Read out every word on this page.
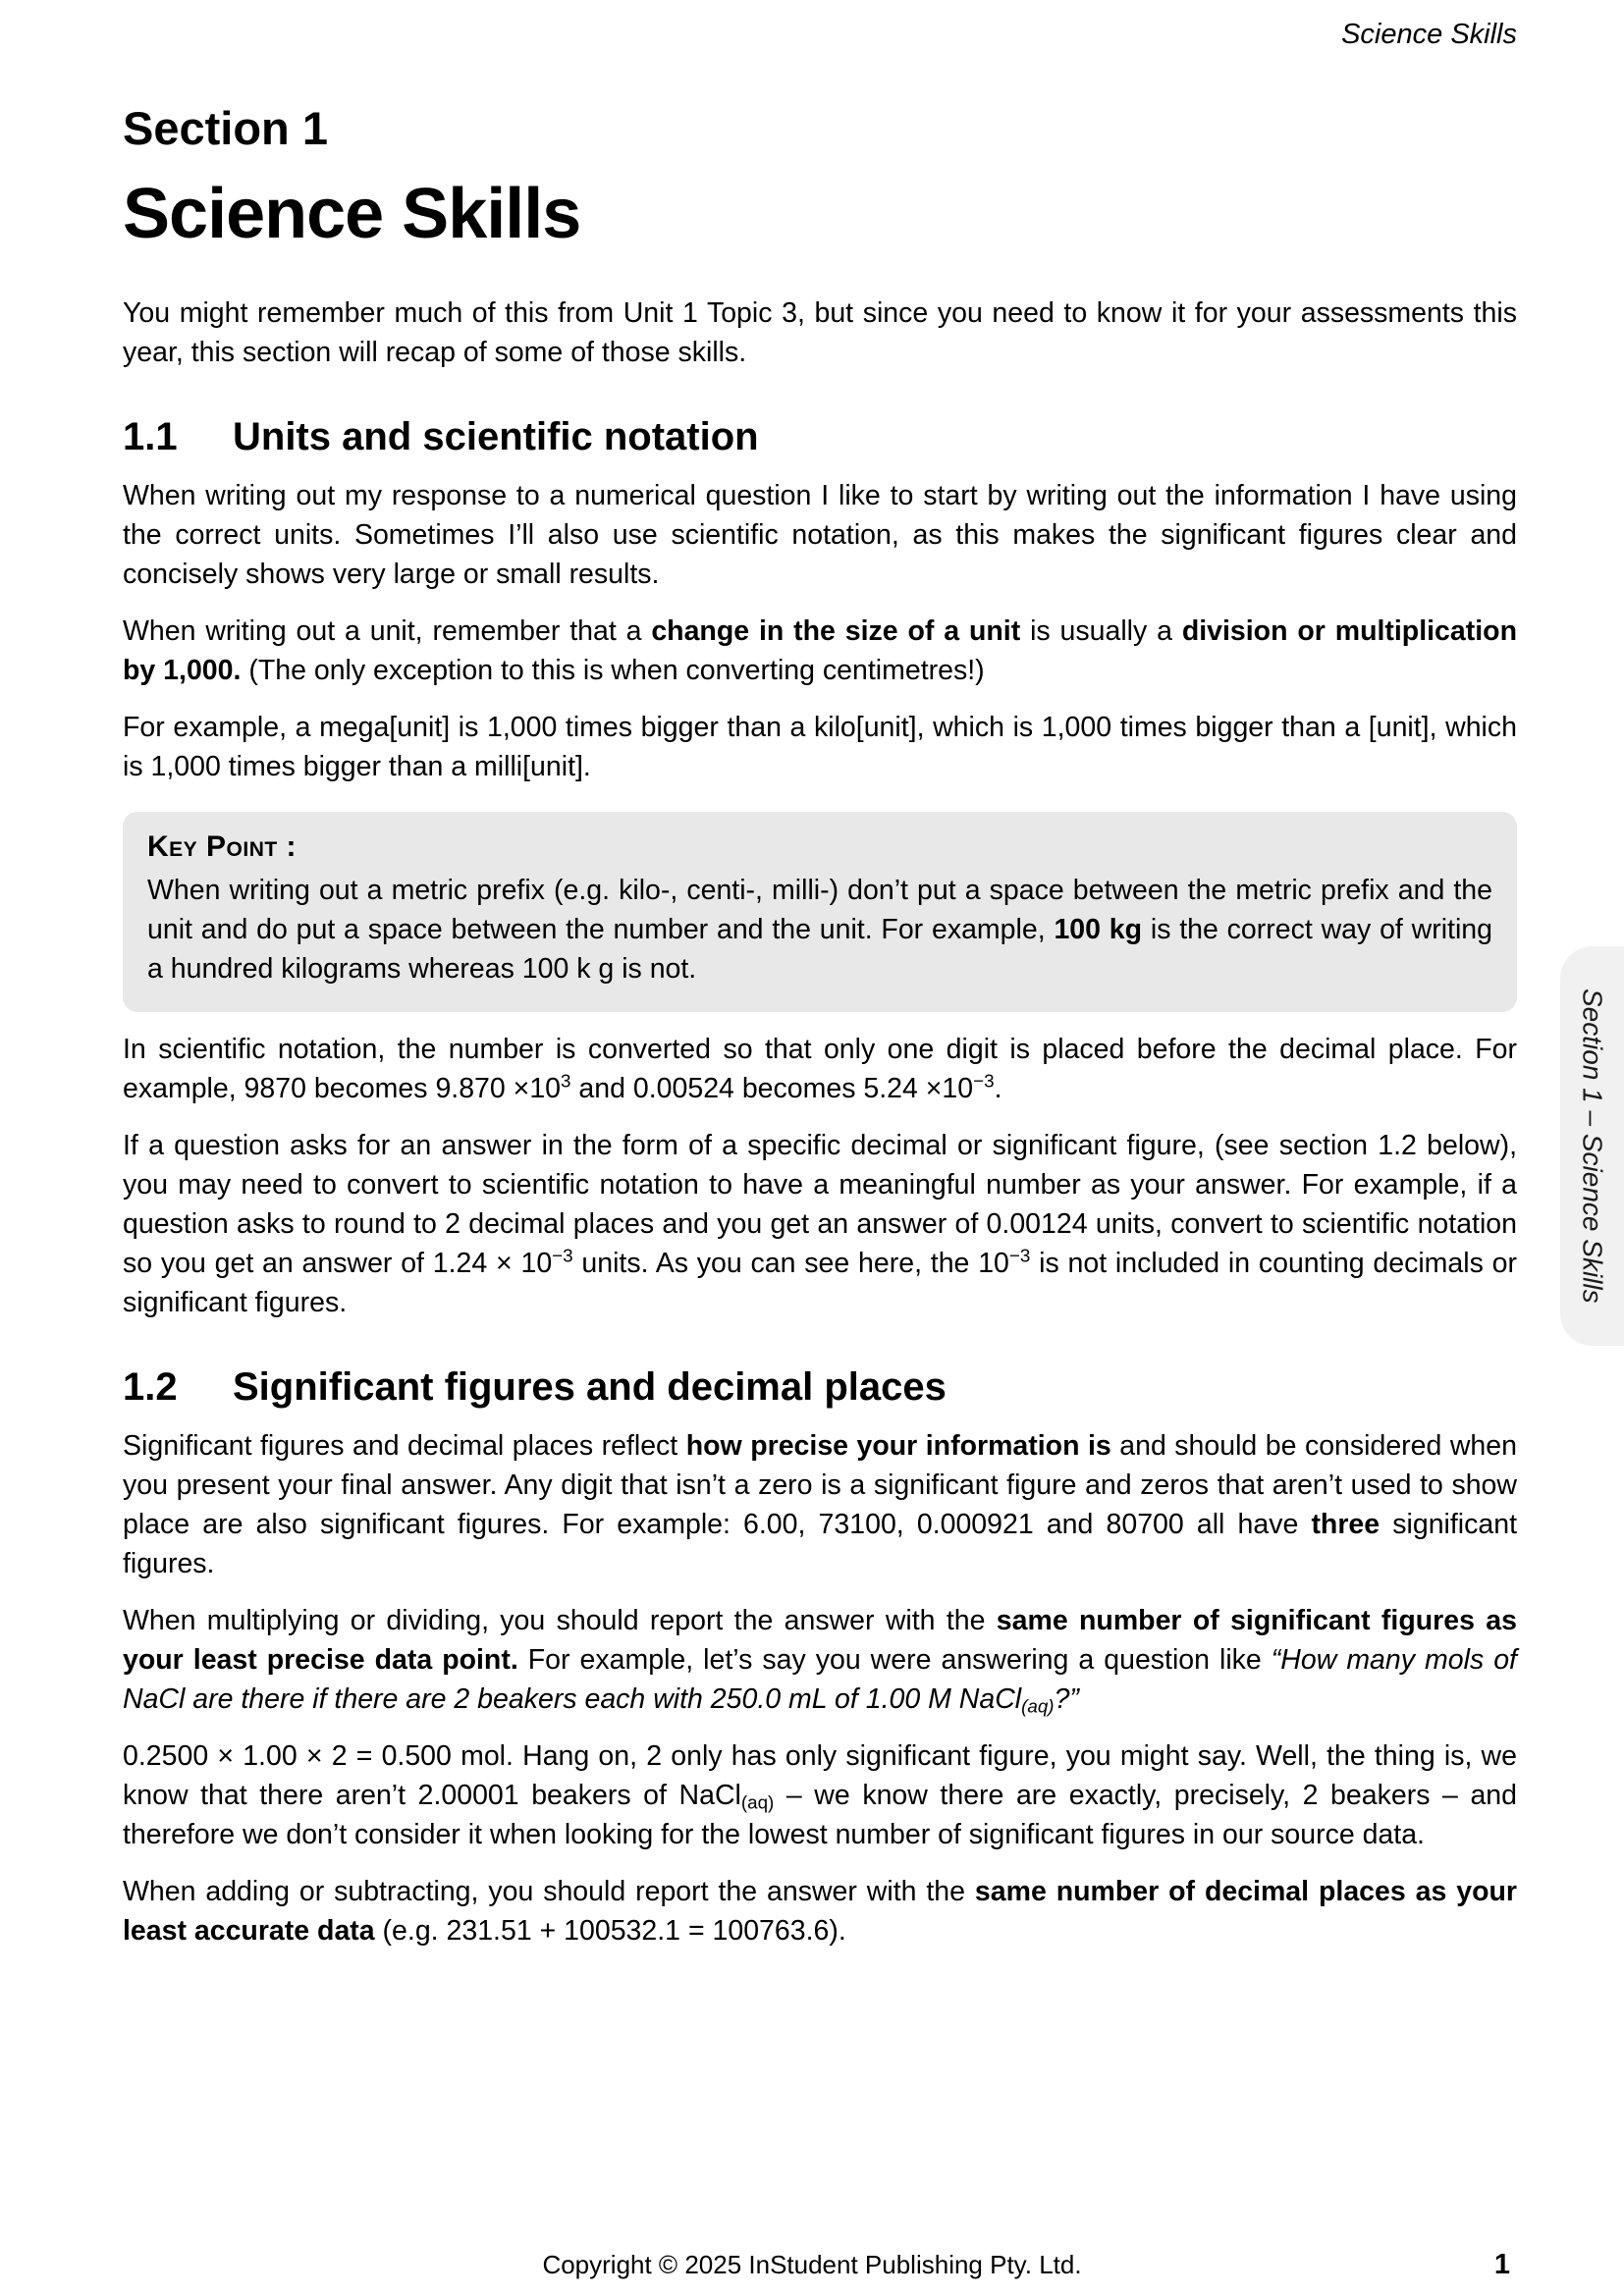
Science Skills
Section 1
Science Skills

You might remember much of this from Unit 1 Topic 3, but since you need to know it for your assessments this year, this section will recap of some of those skills.

1.1 Units and scientific notation

When writing out my response to a numerical question I like to start by writing out the information I have using the correct units. Sometimes I’ll also use scientific notation, as this makes the significant figures clear and concisely shows very large or small results.

When writing out a unit, remember that a change in the size of a unit is usually a division or multiplication by 1,000. (The only exception to this is when converting centimetres!)

For example, a mega[unit] is 1,000 times bigger than a kilo[unit], which is 1,000 times bigger than a [unit], which is 1,000 times bigger than a milli[unit].

Key Point :

When writing out a metric prefix (e.g. kilo-, centi-, milli-) don’t put a space between the metric prefix and the unit and do put a space between the number and the unit. For example, 100 kg is the correct way of writing a hundred kilograms whereas 100 k g is not.

In scientific notation, the number is converted so that only one digit is placed before the decimal place. For example, 9870 becomes $9.870 \times 10^3$ and 0.00524 becomes $5.24 \times 10^{-3}$.

If a question asks for an answer in the form of a specific decimal or significant figure, (see section 1.2 below), you may need to convert to scientific notation to have a meaningful number as your answer. For example, if a question asks to round to 2 decimal places and you get an answer of 0.00124 units, convert to scientific notation so you get an answer of $1.24 \times 10^{-3}$ units. As you can see here, the $10^{-3}$ is not included in counting decimals or significant figures.

1.2 Significant figures and decimal places

Significant figures and decimal places reflect how precise your information is and should be considered when you present your final answer. Any digit that isn’t a zero is a significant figure and zeros that aren’t used to show place are also significant figures. For example: 6.00, 73100, 0.000921 and 80700 all have three significant figures.

When multiplying or dividing, you should report the answer with the same number of significant figures as your least precise data point. For example, let’s say you were answering a question like “How many mols of NaCl are there if there are 2 beakers each with 250.0 mL of 1.00 M NaCl$_{(aq)}$?”

0.2500 × 1.00 × 2 = 0.500 mol. Hang on, 2 only has only significant figure, you might say. Well, the thing is, we know that there aren’t 2.00001 beakers of NaCl$_{(aq)}$ – we know there are exactly, precisely, 2 beakers – and therefore we don’t consider it when looking for the lowest number of significant figures in our source data.

When adding or subtracting, you should report the answer with the same number of decimal places as your least accurate data (e.g. 231.51 + 100532.1 = 100763.6).

Section 1 – Science Skills
Copyright © 2025 InStudent Publishing Pty. Ltd.	1
